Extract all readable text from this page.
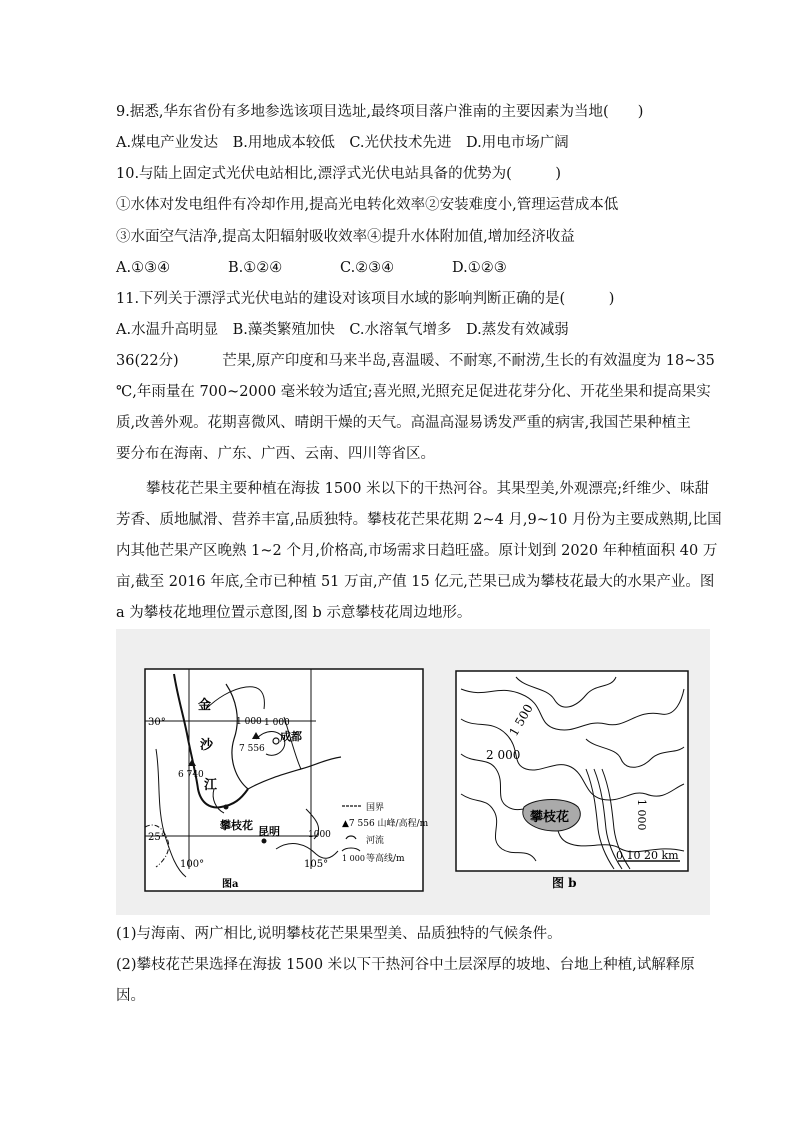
9.据悉,华东省份有多地参选该项目选址,最终项目落户淮南的主要因素为当地(　　)
A.煤电产业发达　B.用地成本较低　C.光伏技术先进　D.用电市场广阔
10.与陆上固定式光伏电站相比,漂浮式光伏电站具备的优势为(　　　)
①水体对发电组件有冷却作用,提高光电转化效率②安装难度小,管理运营成本低
③水面空气洁净,提高太阳辐射吸收效率④提升水体附加值,增加经济收益
A.①③④	B.①②④	C.②③④	D.①②③
11.下列关于漂浮式光伏电站的建设对该项目水域的影响判断正确的是(　　　)
A.水温升高明显　B.藻类繁殖加快　C.水溶氧气增多　D.蒸发有效减弱
36(22分)　　　芒果,原产印度和马来半岛,喜温暖、不耐寒,不耐涝,生长的有效温度为 18~35
℃,年雨量在 700~2000 毫米较为适宜;喜光照,光照充足促进花芽分化、开花坐果和提高果实
质,改善外观。花期喜微风、晴朗干燥的天气。高温高湿易诱发严重的病害,我国芒果种植主
要分布在海南、广东、广西、云南、四川等省区。
攀枝花芒果主要种植在海拔 1500 米以下的干热河谷。其果型美,外观漂亮;纤维少、味甜
芳香、质地腻滑、营养丰富,品质独特。攀枝花芒果花期 2~4 月,9~10 月份为主要成熟期,比国
内其他芒果产区晚熟 1~2 个月,价格高,市场需求日趋旺盛。原计划到 2020 年种植面积 40 万
亩,截至 2016 年底,全市已种植 51 万亩,产值 15 亿元,芒果已成为攀枝花最大的水果产业。图
a 为攀枝花地理位置示意图,图 b 示意攀枝花周边地形。
金
沙
江
30°
25°
100°	105°
1 000 1 000
1000
7 556
6 740
成都
攀枝花 昆明
国界
▲7 556 山峰/高程/m
河流
1 000 等高线/m
图a
1 500
2 000
1 000
攀枝花
0 10 20 km
图 b
(1)与海南、两广相比,说明攀枝花芒果果型美、品质独特的气候条件。
(2)攀枝花芒果选择在海拔 1500 米以下干热河谷中土层深厚的坡地、台地上种植,试解释原
因。
